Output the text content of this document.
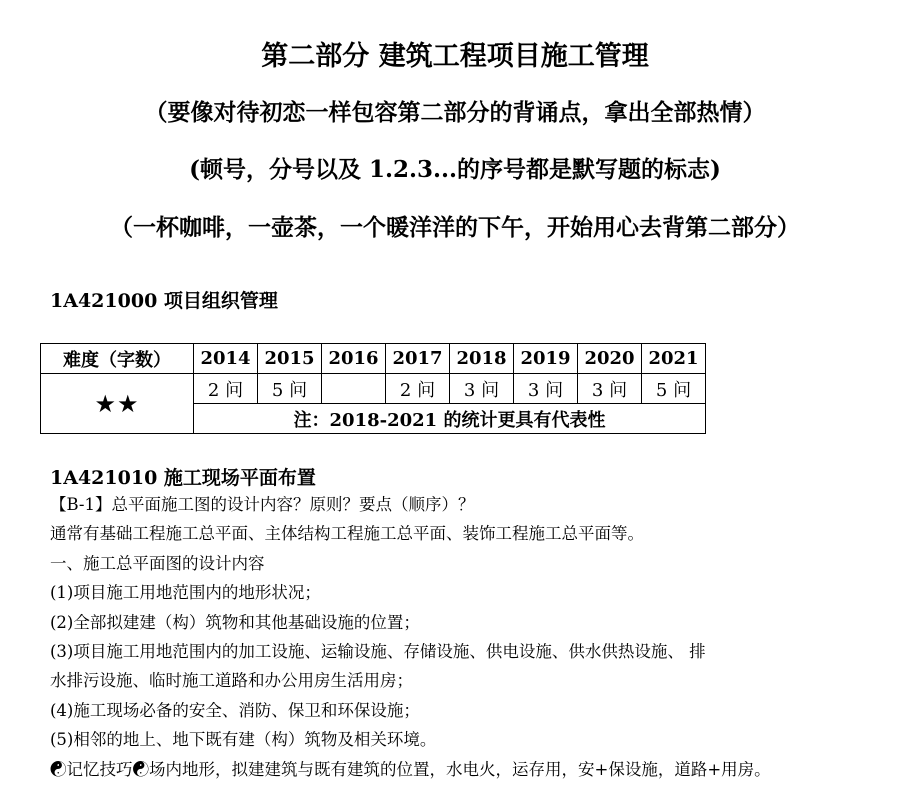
第二部分 建筑工程项目施工管理
（要像对待初恋一样包容第二部分的背诵点，拿出全部热情）
(顿号，分号以及 1.2.3...的序号都是默写题的标志)
（一杯咖啡，一壶茶，一个暖洋洋的下午，开始用心去背第二部分）
1A421000 项目组织管理
难度（字数）	2014	2015	2016	2017	2018	2019	2020	2021
★★	2 问	5 问		2 问	3 问	3 问	3 问	5 问
	注：2018-2021 的统计更具有代表性							
1A421010 施工现场平面布置
【B-1】总平面施工图的设计内容？原则？要点（顺序）？
通常有基础工程施工总平面、主体结构工程施工总平面、装饰工程施工总平面等。
一、施工总平面图的设计内容
(1)项目施工用地范围内的地形状况；
(2)全部拟建建（构）筑物和其他基础设施的位置；
(3)项目施工用地范围内的加工设施、运输设施、存储设施、供电设施、供水供热设施、 排
水排污设施、临时施工道路和办公用房生活用房；
(4)施工现场必备的安全、消防、保卫和环保设施；
(5)相邻的地上、地下既有建（构）筑物及相关环境。
☯记忆技巧☯场内地形，拟建建筑与既有建筑的位置，水电火，运存用，安+保设施，道路+用房。
